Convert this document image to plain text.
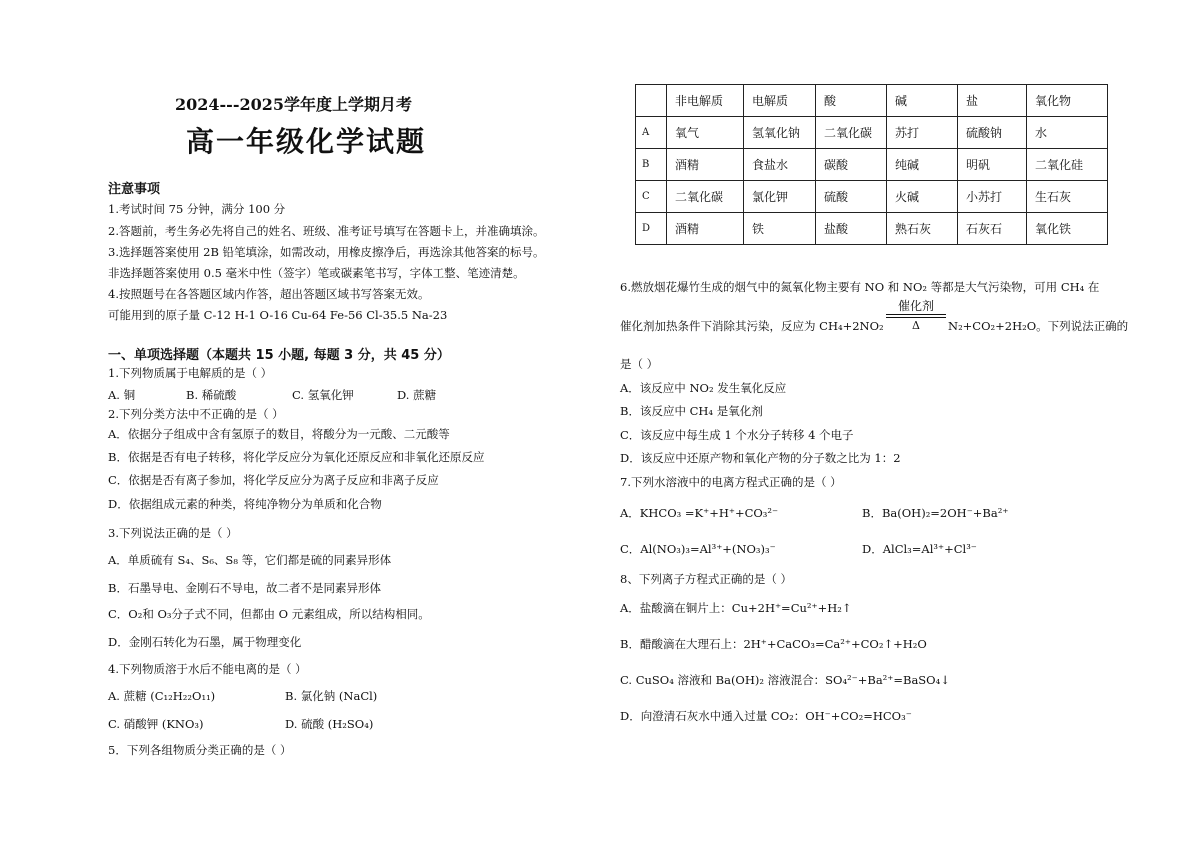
2024---2025学年度上学期月考
高一年级化学试题
注意事项
1.考试时间 75 分钟，满分 100 分
2.答题前，考生务必先将自己的姓名、班级、准考证号填写在答题卡上，并准确填涂。
3.选择题答案使用 2B 铅笔填涂，如需改动，用橡皮擦净后，再选涂其他答案的标号。
非选择题答案使用 0.5 毫米中性（签字）笔或碳素笔书写，字体工整、笔迹清楚。
4.按照题号在各答题区域内作答，超出答题区域书写答案无效。
可能用到的原子量 C-12 H-1 O-16 Cu-64 Fe-56 Cl-35.5 Na-23
一、单项选择题（本题共 15 小题, 每题 3 分，共 45 分）
1.下列物质属于电解质的是（ ）
A. 铜	B. 稀硫酸	C. 氢氧化钾	D. 蔗糖
2.下列分类方法中不正确的是（ ）
A．依据分子组成中含有氢原子的数目，将酸分为一元酸、二元酸等
B．依据是否有电子转移，将化学反应分为氧化还原反应和非氧化还原反应
C．依据是否有离子参加，将化学反应分为离子反应和非离子反应
D．依据组成元素的种类，将纯净物分为单质和化合物
3.下列说法正确的是（ ）
A．单质硫有 S₄、S₆、S₈ 等，它们都是硫的同素异形体
B．石墨导电、金刚石不导电，故二者不是同素异形体
C．O₂和 O₃分子式不同，但都由 O 元素组成，所以结构相同。
D．金刚石转化为石墨，属于物理变化
4.下列物质溶于水后不能电离的是（ ）
A. 蔗糖 (C₁₂H₂₂O₁₁)	B. 氯化钠 (NaCl)
C. 硝酸钾 (KNO₃)	D. 硫酸 (H₂SO₄)
5．下列各组物质分类正确的是（ ）
	非电解质	电解质	酸	碱	盐	氧化物
A	氧气	氢氧化钠	二氧化碳	苏打	硫酸钠	水
B	酒精	食盐水	碳酸	纯碱	明矾	二氧化硅
C	二氧化碳	氯化钾	硫酸	火碱	小苏打	生石灰
D	酒精	铁	盐酸	熟石灰	石灰石	氧化铁
6.燃放烟花爆竹生成的烟气中的氮氧化物主要有 NO 和 NO₂ 等都是大气污染物，可用 CH₄ 在
催化剂加热条件下消除其污染，反应为 CH₄+2NO₂
催化剂
Δ	N₂+CO₂+2H₂O。下列说法正确的
是（ ）
A．该反应中 NO₂ 发生氧化反应
B．该反应中 CH₄ 是氧化剂
C．该反应中每生成 1 个水分子转移 4 个电子
D．该反应中还原产物和氧化产物的分子数之比为 1：2
7.下列水溶液中的电离方程式正确的是（ ）
A．KHCO₃ =K⁺+H⁺+CO₃²⁻	B．Ba(OH)₂=2OH⁻+Ba²⁺
C．Al(NO₃)₃=Al³⁺+(NO₃)₃⁻	D．AlCl₃=Al³⁺+Cl³⁻
8、下列离子方程式正确的是（ ）
A．盐酸滴在铜片上：Cu+2H⁺=Cu²⁺+H₂↑
B．醋酸滴在大理石上：2H⁺+CaCO₃=Ca²⁺+CO₂↑+H₂O
C. CuSO₄ 溶液和 Ba(OH)₂ 溶液混合：SO₄²⁻+Ba²⁺=BaSO₄↓
D．向澄清石灰水中通入过量 CO₂：OH⁻+CO₂=HCO₃⁻
